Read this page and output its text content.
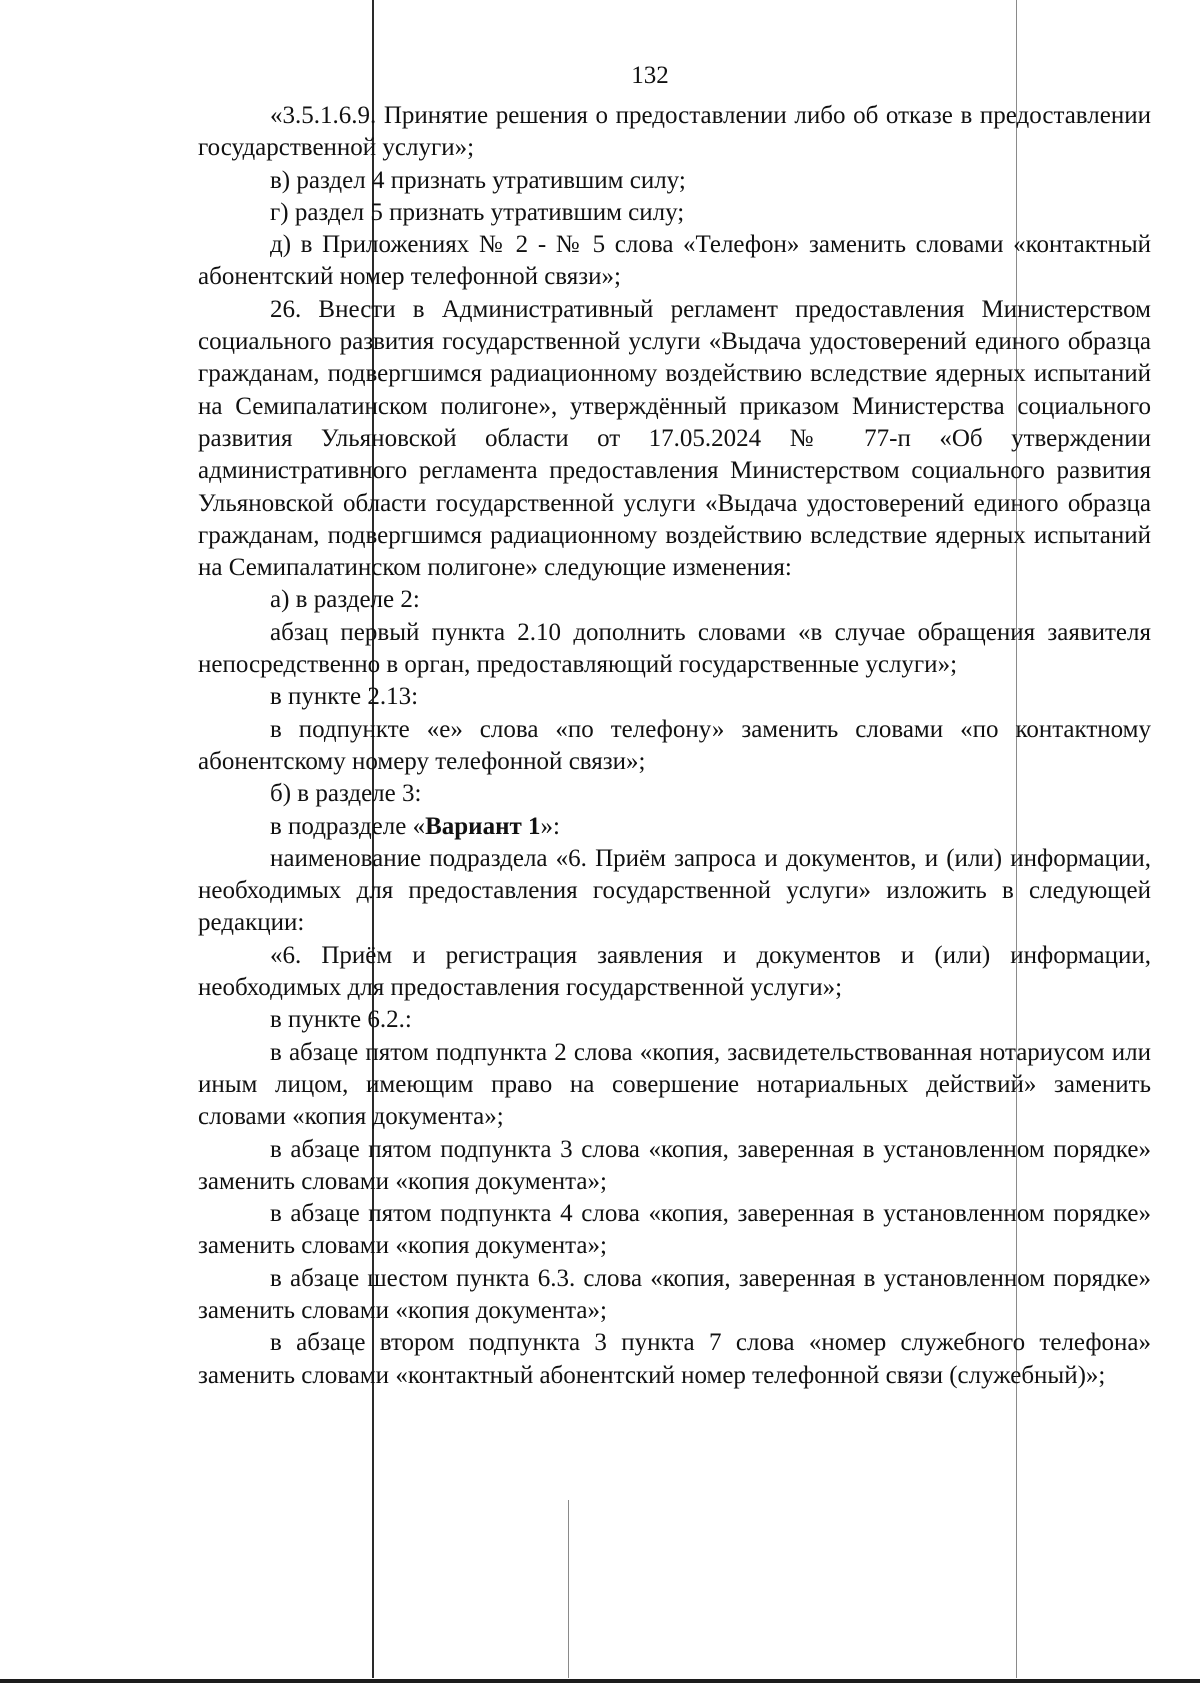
132

«3.5.1.6.9. Принятие решения о предоставлении либо об отказе в предоставлении государственной услуги»;

в) раздел 4 признать утратившим силу;

г) раздел 5 признать утратившим силу;

д) в Приложениях № 2 - № 5 слова «Телефон» заменить словами «контактный абонентский номер телефонной связи»;

26. Внести в Административный регламент предоставления Министерством социального развития государственной услуги «Выдача удостоверений единого образца гражданам, подвергшимся радиационному воздействию вследствие ядерных испытаний на Семипалатинском полигоне», утверждённый приказом Министерства социального развития Ульяновской области от 17.05.2024 № 77-п «Об утверждении административного регламента предоставления Министерством социального развития Ульяновской области государственной услуги «Выдача удостоверений единого образца гражданам, подвергшимся радиационному воздействию вследствие ядерных испытаний на Семипалатинском полигоне» следующие изменения:

а) в разделе 2:

абзац первый пункта 2.10 дополнить словами «в случае обращения заявителя непосредственно в орган, предоставляющий государственные услуги»;

в пункте 2.13:

в подпункте «е» слова «по телефону» заменить словами «по контактному абонентскому номеру телефонной связи»;

б) в разделе 3:

в подразделе «Вариант 1»:

наименование подраздела «6. Приём запроса и документов, и (или) информации, необходимых для предоставления государственной услуги» изложить в следующей редакции:

«6. Приём и регистрация заявления и документов и (или) информации, необходимых для предоставления государственной услуги»;

в пункте 6.2.:

в абзаце пятом подпункта 2 слова «копия, засвидетельствованная нотариусом или иным лицом, имеющим право на совершение нотариальных действий» заменить словами «копия документа»;

в абзаце пятом подпункта 3 слова «копия, заверенная в установленном порядке» заменить словами «копия документа»;

в абзаце пятом подпункта 4 слова «копия, заверенная в установленном порядке» заменить словами «копия документа»;

в абзаце шестом пункта 6.3. слова «копия, заверенная в установленном порядке» заменить словами «копия документа»;

в абзаце втором подпункта 3 пункта 7 слова «номер служебного телефона» заменить словами «контактный абонентский номер телефонной связи (служебный)»;
